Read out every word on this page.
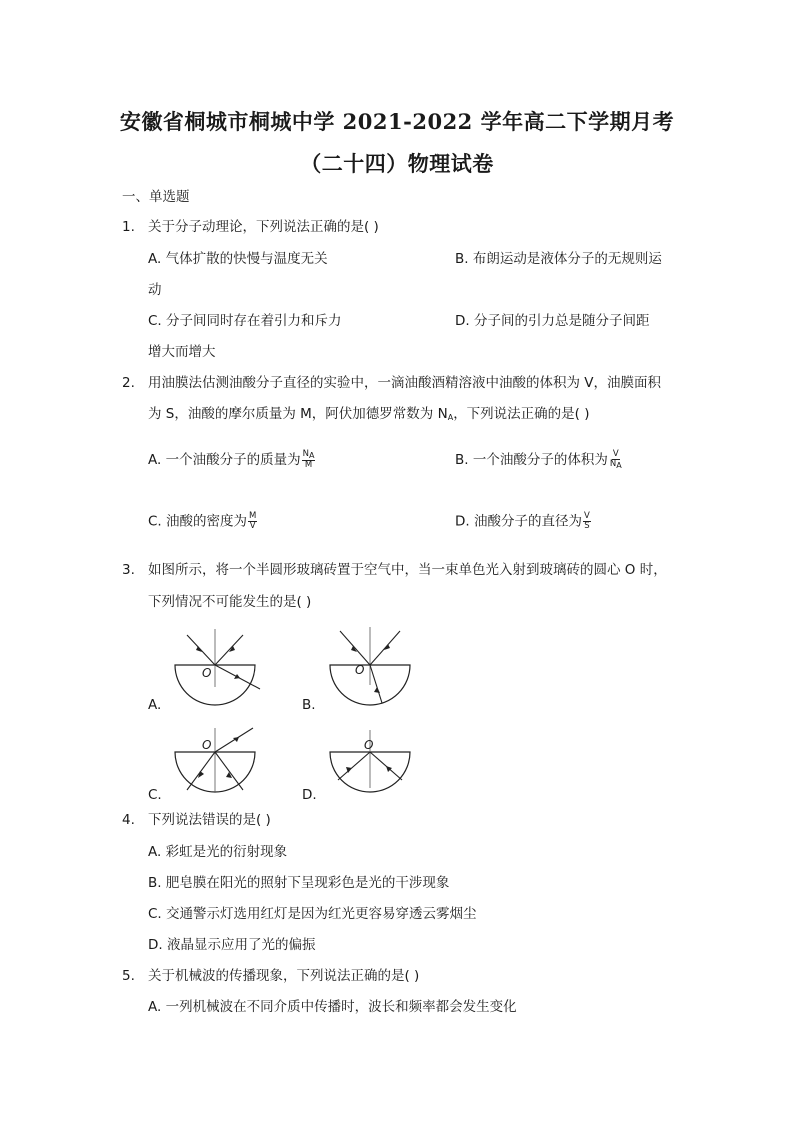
安徽省桐城市桐城中学 2021-2022 学年高二下学期月考
（二十四）物理试卷
一、单选题
1. 关于分子动理论，下列说法正确的是( )
A. 气体扩散的快慢与温度无关	B. 布朗运动是液体分子的无规则运
动
C. 分子间同时存在着引力和斥力	D. 分子间的引力总是随分子间距
增大而增大
2. 用油膜法估测油酸分子直径的实验中，一滴油酸酒精溶液中油酸的体积为 V，油膜面积
为 S，油酸的摩尔质量为 M，阿伏加德罗常数为 $N_A$，下列说法正确的是( )
A. 一个油酸分子的质量为 $\frac{NA}{M}$	B. 一个油酸分子的体积为 $\frac{V}{NA}$
C. 油酸的密度为 $\frac{M}{V}$	D. 油酸分子的直径为 $\frac{V}{S}$
3. 如图所示，将一个半圆形玻璃砖置于空气中，当一束单色光入射到玻璃砖的圆心 O 时，
下列情况不可能发生的是( )
O
A.
O
B.
O
C.
O
D.
4. 下列说法错误的是( )
A. 彩虹是光的衍射现象
B. 肥皂膜在阳光的照射下呈现彩色是光的干涉现象
C. 交通警示灯选用红灯是因为红光更容易穿透云雾烟尘
D. 液晶显示应用了光的偏振
5. 关于机械波的传播现象，下列说法正确的是( )
A. 一列机械波在不同介质中传播时，波长和频率都会发生变化
